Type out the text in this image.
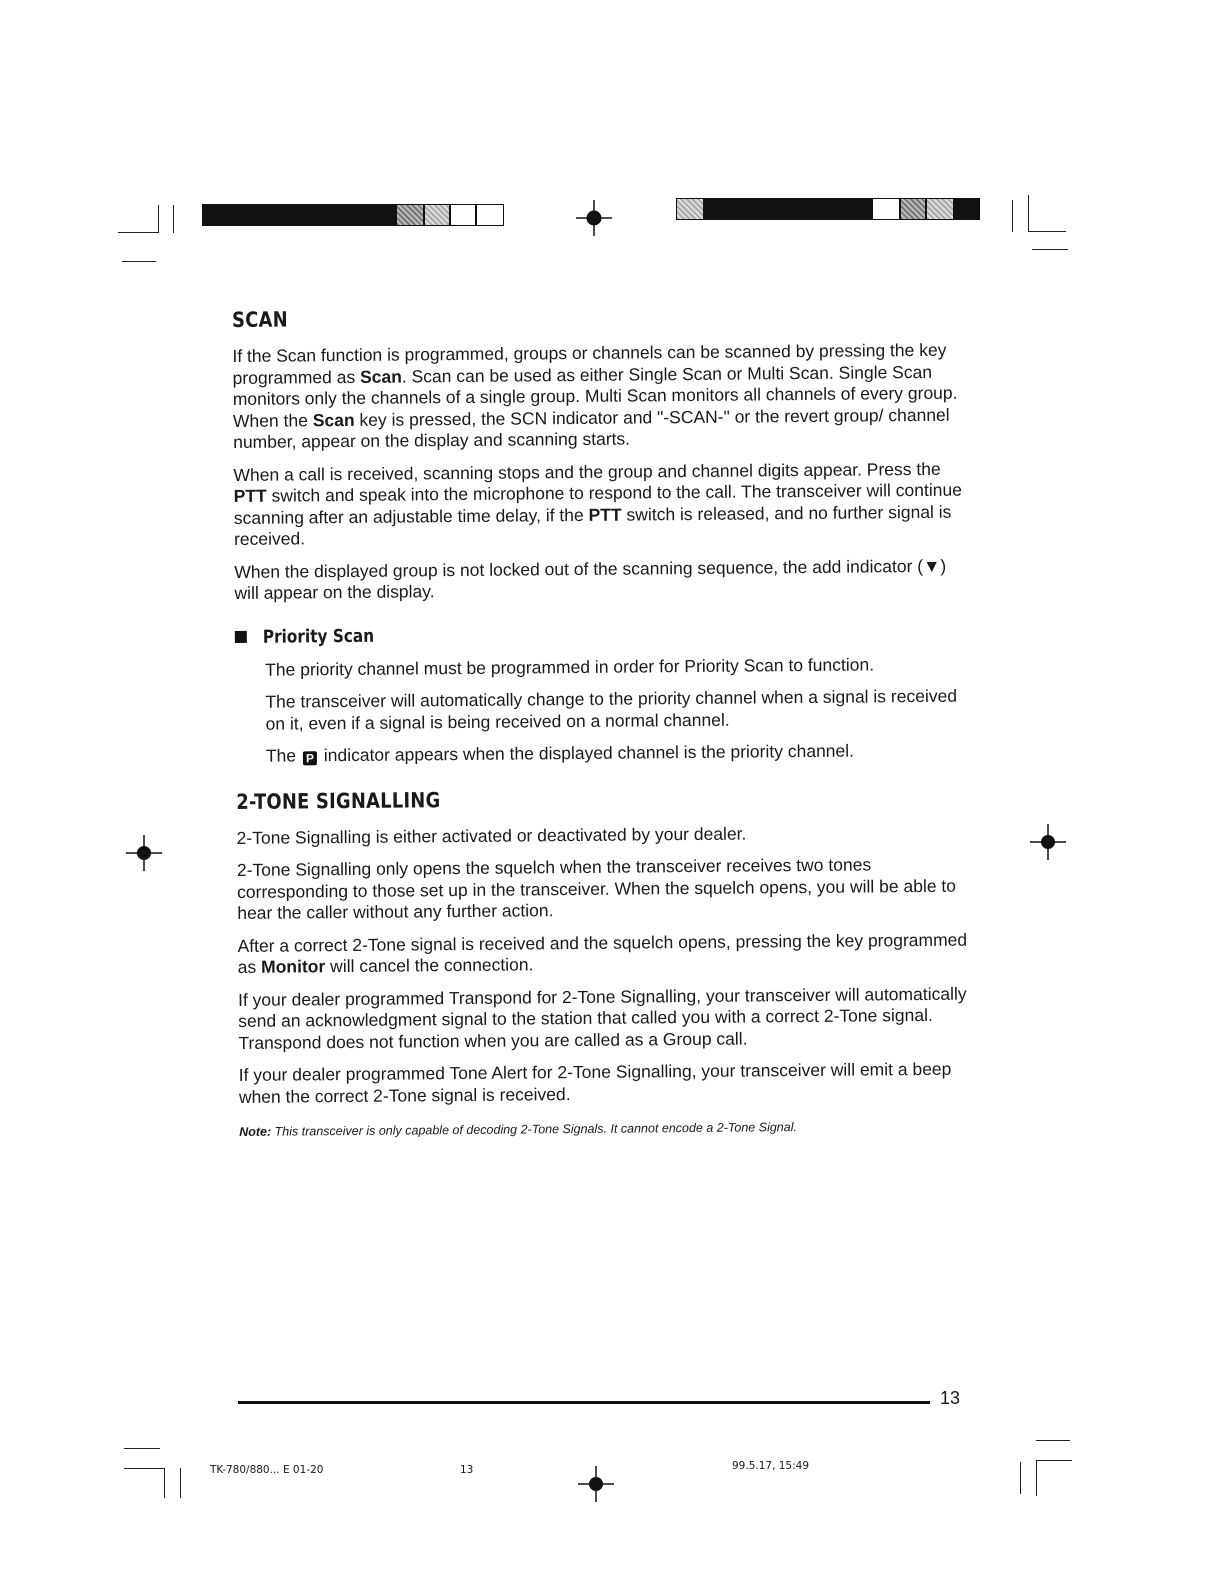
SCAN

If the Scan function is programmed, groups or channels can be scanned by pressing the key programmed as Scan. Scan can be used as either Single Scan or Multi Scan. Single Scan monitors only the channels of a single group. Multi Scan monitors all channels of every group. When the Scan key is pressed, the SCN indicator and "-SCAN-" or the revert group/ channel number, appear on the display and scanning starts.

When a call is received, scanning stops and the group and channel digits appear. Press the PTT switch and speak into the microphone to respond to the call. The transceiver will continue scanning after an adjustable time delay, if the PTT switch is released, and no further signal is received.

When the displayed group is not locked out of the scanning sequence, the add indicator (▼) will appear on the display.

Priority Scan

The priority channel must be programmed in order for Priority Scan to function.

The transceiver will automatically change to the priority channel when a signal is received on it, even if a signal is being received on a normal channel.

The P indicator appears when the displayed channel is the priority channel.

2-TONE SIGNALLING

2-Tone Signalling is either activated or deactivated by your dealer.

2-Tone Signalling only opens the squelch when the transceiver receives two tones corresponding to those set up in the transceiver. When the squelch opens, you will be able to hear the caller without any further action.

After a correct 2-Tone signal is received and the squelch opens, pressing the key programmed as Monitor will cancel the connection.

If your dealer programmed Transpond for 2-Tone Signalling, your transceiver will automatically send an acknowledgment signal to the station that called you with a correct 2-Tone signal. Transpond does not function when you are called as a Group call.

If your dealer programmed Tone Alert for 2-Tone Signalling, your transceiver will emit a beep when the correct 2-Tone signal is received.

Note: This transceiver is only capable of decoding 2-Tone Signals. It cannot encode a 2-Tone Signal.

13
TK-780/880... E 01-20	13	99.5.17, 15:49
